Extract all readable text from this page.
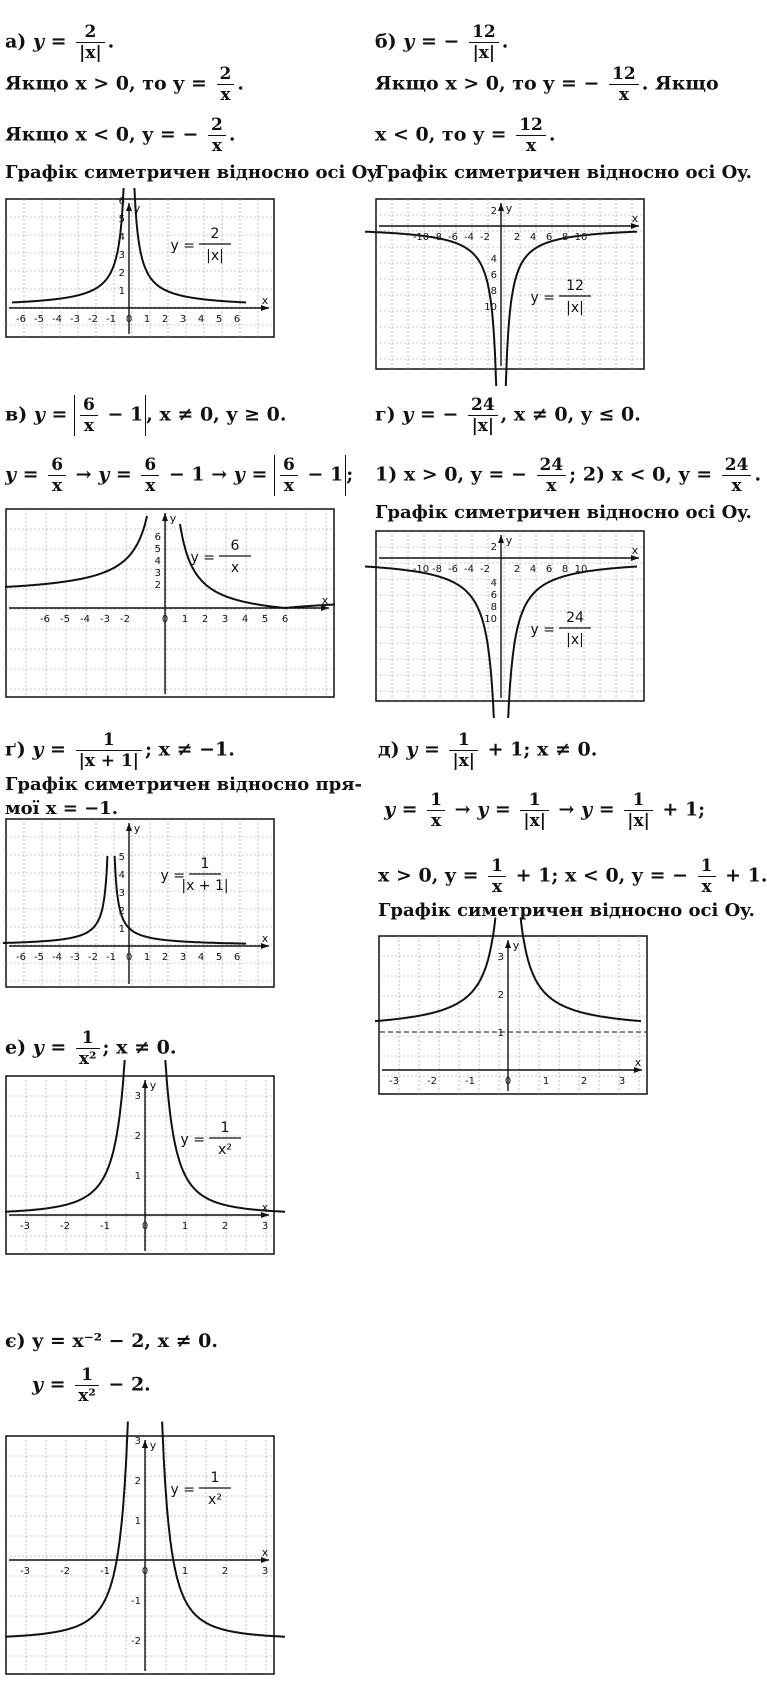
а) $y = \frac{2}{|x|}$ .
Якщо x > 0, то $y = \frac{2}{x}$ .
Якщо x < 0, y = − $\frac{2}{x}$ .
Графік симетричен відносно осі Oy.
б) y = − $\frac{12}{|x|}$ .
Якщо x > 0, то y = − $\frac{12}{x}$ . Якщо
x < 0, то $y = \frac{12}{x}$ .
Графік симетричен відносно осі Oy.
в) $y = \frac{6}{x} - 1$ , x ≠ 0, y ≥ 0.
$y = \frac{6}{x} \to y = \frac{6}{x} - 1 \to y = \frac{6}{x} - 1$ ;
г) y = − $\frac{24}{|x|}$ , x ≠ 0, y ≤ 0.
1) x > 0, y = − $\frac{24}{x}$ ; 2) x < 0, $y = \frac{24}{x}$ .
Графік симетричен відносно осі Oy.
ґ) $y = \frac{1}{|x + 1|}$ ; x ≠ −1.
Графік симетричен відносно пря-
мої x = −1.
д) $y = \frac{1}{|x|} + 1$; x ≠ 0.
$y = \frac{1}{x} \to y = \frac{1}{|x|} \to y = \frac{1}{|x|} + 1$;
x > 0, $y = \frac{1}{x} + 1$; x < 0, y = − $\frac{1}{x} + 1$.
Графік симетричен відносно осі Oy.
е) $y = \frac{1}{\text{x²}}$ ; x ≠ 0.
є) y = x⁻² − 2, x ≠ 0.
$y = \frac{1}{\text{x²}} - 2$.
x
y
-6 -5 -4 -3 -2 -1 0 1 2 3 4 5 6
1
2
3
4
5
6
y =
2
|x|
x
y
-10 -8 -6 -4 -2 2 4 6 8 10
2
y =
12
|x|
4
6
8
10
x
y
-6 -5 -4 -3 -2	0 1 2 3 4 5 6
2
3
4
5
6
y =
6
x
x
y
-10 -8 -6 -4 -2 2 4 6 8 10
2
y =
24
|x|
4
6
8
10
x
y
-6 -5 -4 -3 -2 -1 0 1 2 3 4 5 6
1
2
3
4
5
y =
1
|x + 1|
x
y
-3	-2	-1	0	1	2	3
1
2
3
x
y
-3	-2	-1	0	1	2	3
1
2
3
y =
1
x²
x
y
-3	-2	-1	0	1	2	3
3
2
1
-1
-2
y =
1
x²
